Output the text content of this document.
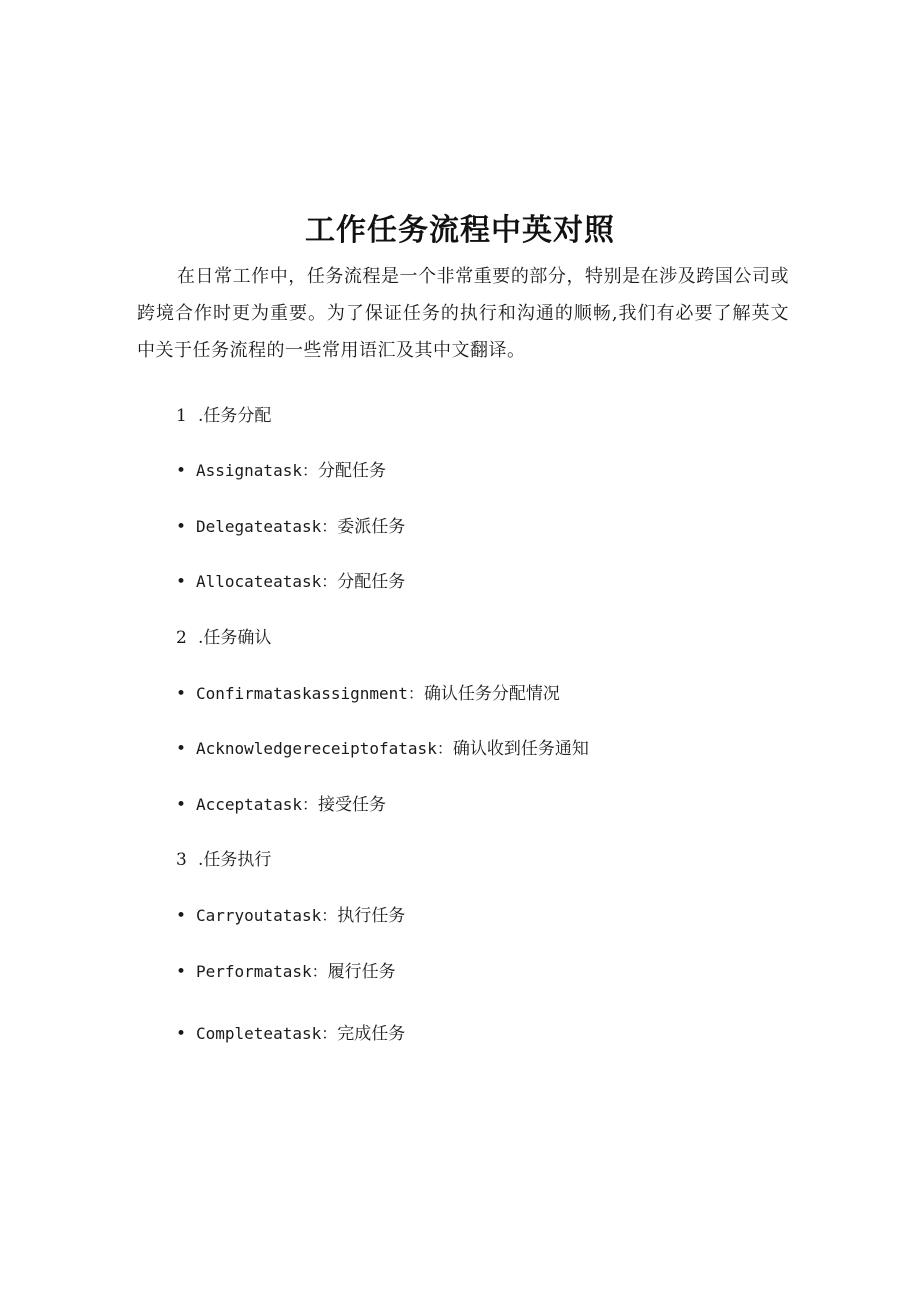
工作任务流程中英对照

在日常工作中，任务流程是一个非常重要的部分，特别是在涉及跨国公司或跨境合作时更为重要。为了保证任务的执行和沟通的顺畅,我们有必要了解英文中关于任务流程的一些常用语汇及其中文翻译。

1 .任务分配
• Assignatask：分配任务
• Delegateatask：委派任务
• Allocateatask：分配任务
2 .任务确认
• Confirmataskassignment：确认任务分配情况
• Acknowledgereceiptofatask：确认收到任务通知
• Acceptatask：接受任务
3 .任务执行
• Carryoutatask：执行任务
• Performatask：履行任务
• Completeatask：完成任务
